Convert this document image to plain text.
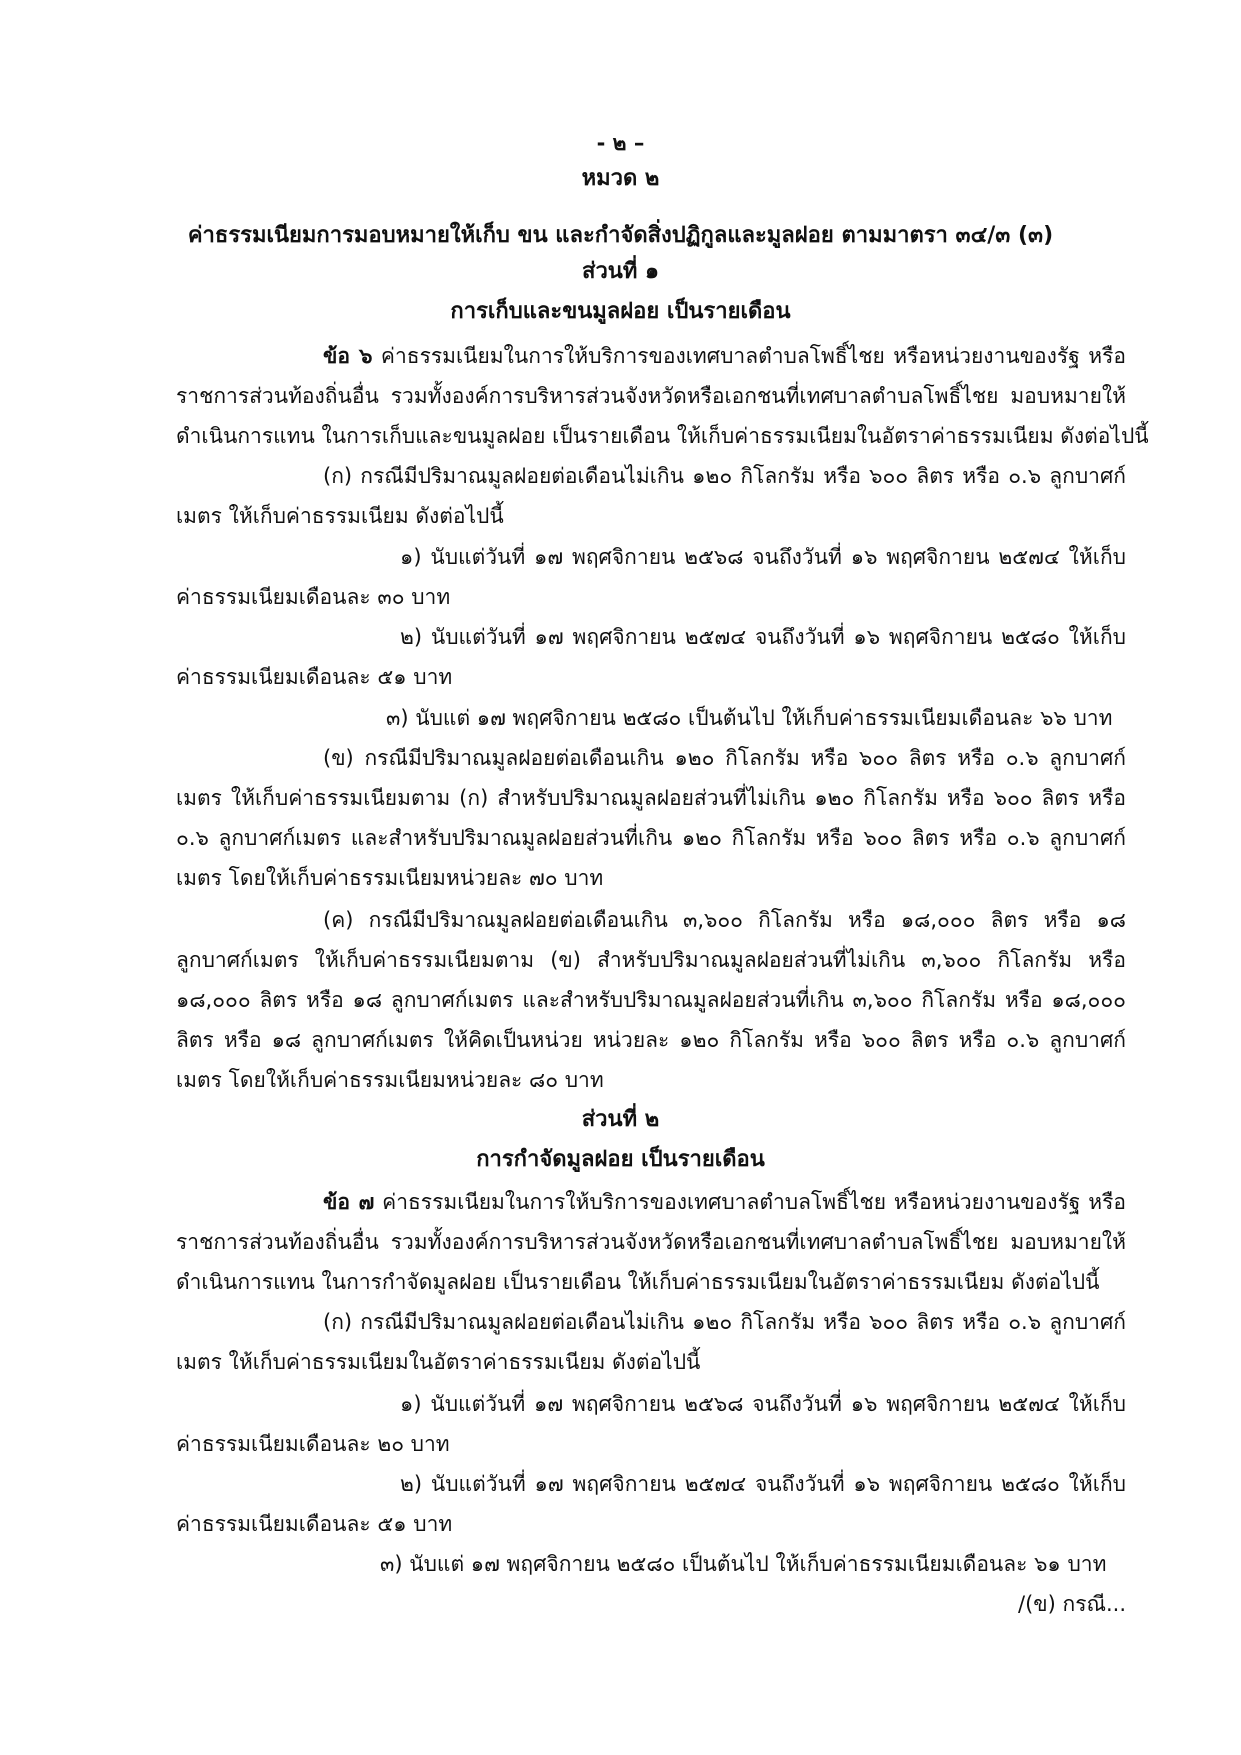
- ๒ –

หมวด ๒

ค่าธรรมเนียมการมอบหมายให้เก็บ ขน และกำจัดสิ่งปฏิกูลและมูลฝอย ตามมาตรา ๓๔/๓ (๓)

ส่วนที่ ๑

การเก็บและขนมูลฝอย เป็นรายเดือน

ข้อ ๖ ค่าธรรมเนียมในการให้บริการของเทศบาลตำบลโพธิ์ไชย หรือหน่วยงานของรัฐ หรือ

ราชการส่วนท้องถิ่นอื่น รวมทั้งองค์การบริหารส่วนจังหวัดหรือเอกชนที่เทศบาลตำบลโพธิ์ไชย มอบหมายให้

ดำเนินการแทน ในการเก็บและขนมูลฝอย เป็นรายเดือน ให้เก็บค่าธรรมเนียมในอัตราค่าธรรมเนียม ดังต่อไปนี้

(ก) กรณีมีปริมาณมูลฝอยต่อเดือนไม่เกิน ๑๒๐ กิโลกรัม หรือ ๖๐๐ ลิตร หรือ ๐.๖ ลูกบาศก์

เมตร ให้เก็บค่าธรรมเนียม ดังต่อไปนี้

๑) นับแต่วันที่ ๑๗ พฤศจิกายน ๒๕๖๘ จนถึงวันที่ ๑๖ พฤศจิกายน ๒๕๗๔ ให้เก็บ

ค่าธรรมเนียมเดือนละ ๓๐ บาท

๒) นับแต่วันที่ ๑๗ พฤศจิกายน ๒๕๗๔ จนถึงวันที่ ๑๖ พฤศจิกายน ๒๕๘๐ ให้เก็บ

ค่าธรรมเนียมเดือนละ ๕๑ บาท

๓) นับแต่ ๑๗ พฤศจิกายน ๒๕๘๐ เป็นต้นไป ให้เก็บค่าธรรมเนียมเดือนละ ๖๖ บาท

(ข) กรณีมีปริมาณมูลฝอยต่อเดือนเกิน ๑๒๐ กิโลกรัม หรือ ๖๐๐ ลิตร หรือ ๐.๖ ลูกบาศก์

เมตร ให้เก็บค่าธรรมเนียมตาม (ก) สำหรับปริมาณมูลฝอยส่วนที่ไม่เกิน ๑๒๐ กิโลกรัม หรือ ๖๐๐ ลิตร หรือ

๐.๖ ลูกบาศก์เมตร และสำหรับปริมาณมูลฝอยส่วนที่เกิน ๑๒๐ กิโลกรัม หรือ ๖๐๐ ลิตร หรือ ๐.๖ ลูกบาศก์

เมตร โดยให้เก็บค่าธรรมเนียมหน่วยละ ๗๐ บาท

(ค) กรณีมีปริมาณมูลฝอยต่อเดือนเกิน ๓,๖๐๐ กิโลกรัม หรือ ๑๘,๐๐๐ ลิตร หรือ ๑๘

ลูกบาศก์เมตร ให้เก็บค่าธรรมเนียมตาม (ข) สำหรับปริมาณมูลฝอยส่วนที่ไม่เกิน ๓,๖๐๐ กิโลกรัม หรือ

๑๘,๐๐๐ ลิตร หรือ ๑๘ ลูกบาศก์เมตร และสำหรับปริมาณมูลฝอยส่วนที่เกิน ๓,๖๐๐ กิโลกรัม หรือ ๑๘,๐๐๐

ลิตร หรือ ๑๘ ลูกบาศก์เมตร ให้คิดเป็นหน่วย หน่วยละ ๑๒๐ กิโลกรัม หรือ ๖๐๐ ลิตร หรือ ๐.๖ ลูกบาศก์

เมตร โดยให้เก็บค่าธรรมเนียมหน่วยละ ๘๐ บาท

ส่วนที่ ๒

การกำจัดมูลฝอย เป็นรายเดือน

ข้อ ๗ ค่าธรรมเนียมในการให้บริการของเทศบาลตำบลโพธิ์ไชย หรือหน่วยงานของรัฐ หรือ

ราชการส่วนท้องถิ่นอื่น รวมทั้งองค์การบริหารส่วนจังหวัดหรือเอกชนที่เทศบาลตำบลโพธิ์ไชย มอบหมายให้

ดำเนินการแทน ในการกำจัดมูลฝอย เป็นรายเดือน ให้เก็บค่าธรรมเนียมในอัตราค่าธรรมเนียม ดังต่อไปนี้

(ก) กรณีมีปริมาณมูลฝอยต่อเดือนไม่เกิน ๑๒๐ กิโลกรัม หรือ ๖๐๐ ลิตร หรือ ๐.๖ ลูกบาศก์

เมตร ให้เก็บค่าธรรมเนียมในอัตราค่าธรรมเนียม ดังต่อไปนี้

๑) นับแต่วันที่ ๑๗ พฤศจิกายน ๒๕๖๘ จนถึงวันที่ ๑๖ พฤศจิกายน ๒๕๗๔ ให้เก็บ

ค่าธรรมเนียมเดือนละ ๒๐ บาท

๒) นับแต่วันที่ ๑๗ พฤศจิกายน ๒๕๗๔ จนถึงวันที่ ๑๖ พฤศจิกายน ๒๕๘๐ ให้เก็บ

ค่าธรรมเนียมเดือนละ ๕๑ บาท

๓) นับแต่ ๑๗ พฤศจิกายน ๒๕๘๐ เป็นต้นไป ให้เก็บค่าธรรมเนียมเดือนละ ๖๑ บาท

/(ข) กรณี...
